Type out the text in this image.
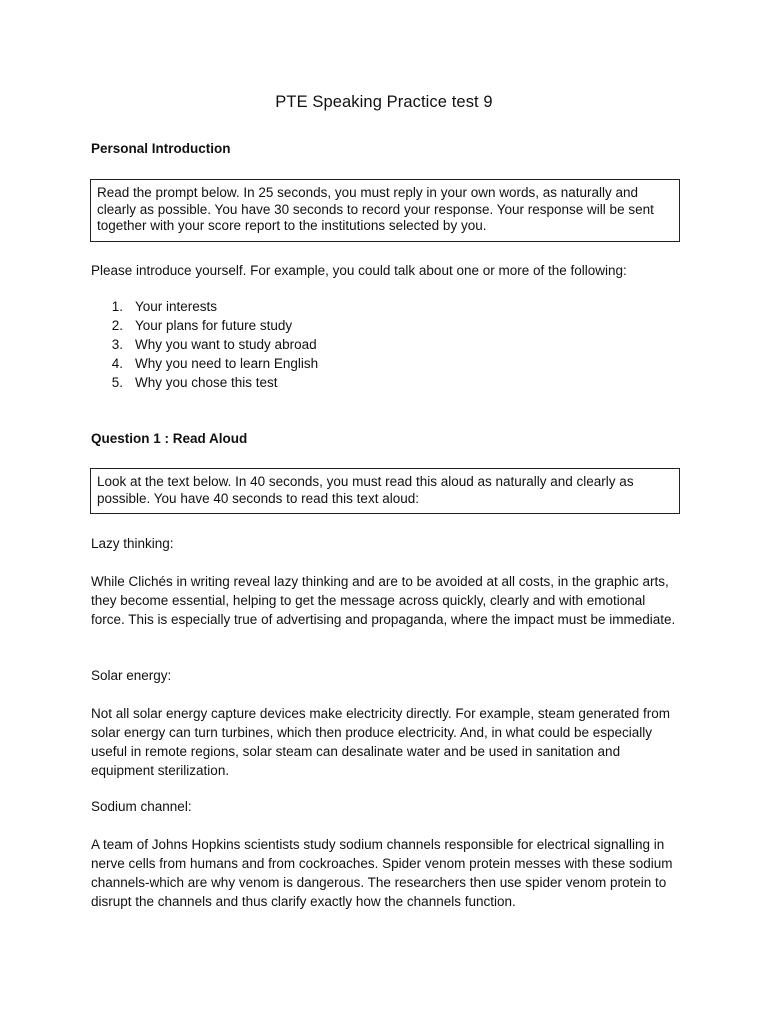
PTE Speaking Practice test 9
Personal Introduction
Read the prompt below. In 25 seconds, you must reply in your own words, as naturally and clearly as possible. You have 30 seconds to record your response. Your response will be sent together with your score report to the institutions selected by you.

Please introduce yourself. For example, you could talk about one or more of the following:

1. Your interests
2. Your plans for future study
3. Why you want to study abroad
4. Why you need to learn English
5. Why you chose this test
Question 1 : Read Aloud
Look at the text below. In 40 seconds, you must read this aloud as naturally and clearly as possible. You have 40 seconds to read this text aloud:

Lazy thinking:

While Clichés in writing reveal lazy thinking and are to be avoided at all costs, in the graphic arts, they become essential, helping to get the message across quickly, clearly and with emotional force. This is especially true of advertising and propaganda, where the impact must be immediate.

Solar energy:

Not all solar energy capture devices make electricity directly. For example, steam generated from solar energy can turn turbines, which then produce electricity. And, in what could be especially useful in remote regions, solar steam can desalinate water and be used in sanitation and equipment sterilization.

Sodium channel:

A team of Johns Hopkins scientists study sodium channels responsible for electrical signalling in nerve cells from humans and from cockroaches. Spider venom protein messes with these sodium channels-which are why venom is dangerous. The researchers then use spider venom protein to disrupt the channels and thus clarify exactly how the channels function.
